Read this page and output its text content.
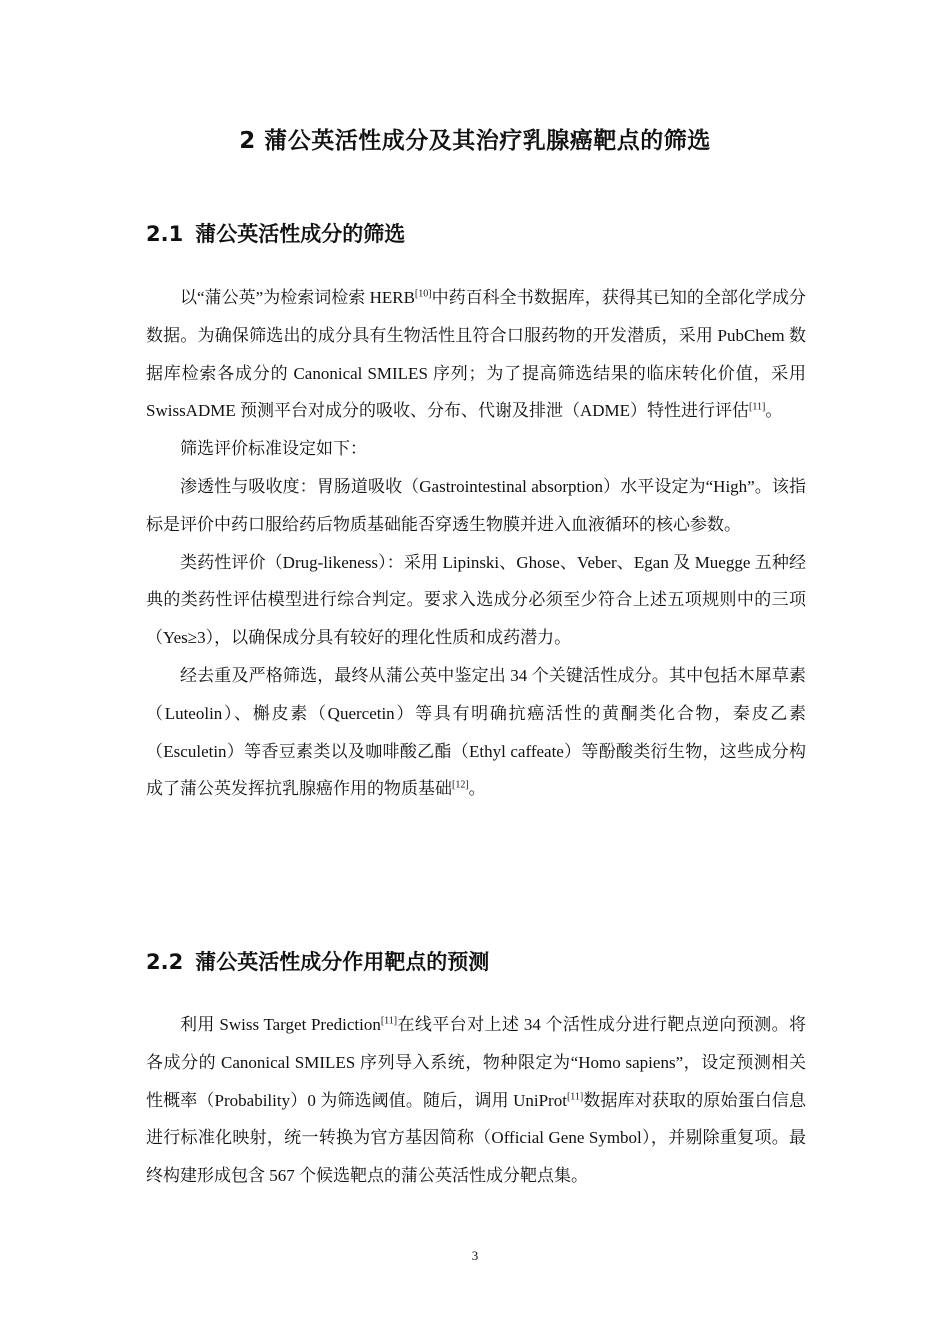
2 蒲公英活性成分及其治疗乳腺癌靶点的筛选
2.1 蒲公英活性成分的筛选

以“蒲公英”为检索词检索 HERB[10]中药百科全书数据库，获得其已知的全部化学成分数据。为确保筛选出的成分具有生物活性且符合口服药物的开发潜质，采用 PubChem 数据库检索各成分的 Canonical SMILES 序列；为了提高筛选结果的临床转化价值，采用 SwissADME 预测平台对成分的吸收、分布、代谢及排泄（ADME）特性进行评估[11]。

筛选评价标准设定如下：

渗透性与吸收度：胃肠道吸收（Gastrointestinal absorption）水平设定为“High”。该指标是评价中药口服给药后物质基础能否穿透生物膜并进入血液循环的核心参数。

类药性评价（Drug-likeness）：采用 Lipinski、Ghose、Veber、Egan 及 Muegge 五种经典的类药性评估模型进行综合判定。要求入选成分必须至少符合上述五项规则中的三项（Yes≥3），以确保成分具有较好的理化性质和成药潜力。

经去重及严格筛选，最终从蒲公英中鉴定出 34 个关键活性成分。其中包括木犀草素（Luteolin）、槲皮素（Quercetin）等具有明确抗癌活性的黄酮类化合物，秦皮乙素（Esculetin）等香豆素类以及咖啡酸乙酯（Ethyl caffeate）等酚酸类衍生物，这些成分构成了蒲公英发挥抗乳腺癌作用的物质基础[12]。

2.2 蒲公英活性成分作用靶点的预测

利用 Swiss Target Prediction[11]在线平台对上述 34 个活性成分进行靶点逆向预测。将各成分的 Canonical SMILES 序列导入系统，物种限定为“Homo sapiens”，设定预测相关性概率（Probability）0 为筛选阈值。随后，调用 UniProt[11]数据库对获取的原始蛋白信息进行标准化映射，统一转换为官方基因简称（Official Gene Symbol），并剔除重复项。最终构建形成包含 567 个候选靶点的蒲公英活性成分靶点集。

3
